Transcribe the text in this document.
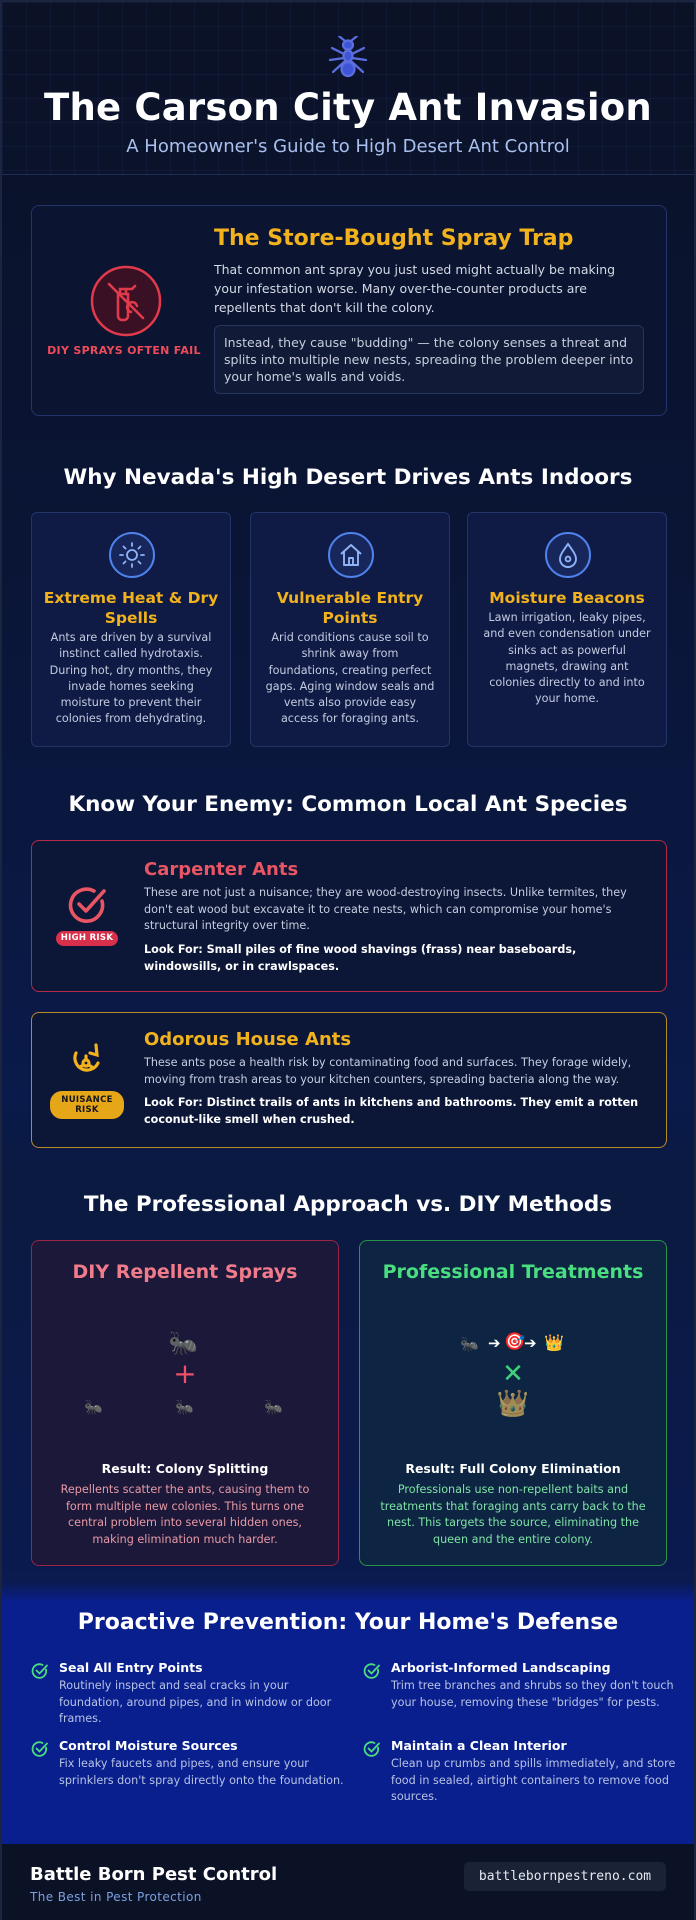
The Carson City Ant Invasion
A Homeowner's Guide to High Desert Ant Control
DIY SPRAYS OFTEN FAIL
The Store-Bought Spray Trap
That common ant spray you just used might actually be making your infestation worse. Many over-the-counter products are repellents that don't kill the colony.
Instead, they cause "budding" — the colony senses a threat and splits into multiple new nests, spreading the problem deeper into your home's walls and voids.
Why Nevada's High Desert Drives Ants Indoors
Extreme Heat & Dry Spells
Ants are driven by a survival instinct called hydrotaxis. During hot, dry months, they invade homes seeking moisture to prevent their colonies from dehydrating.
Vulnerable Entry Points
Arid conditions cause soil to shrink away from foundations, creating perfect gaps. Aging window seals and vents also provide easy access for foraging ants.
Moisture Beacons
Lawn irrigation, leaky pipes, and even condensation under sinks act as powerful magnets, drawing ant colonies directly to and into your home.
Know Your Enemy: Common Local Ant Species
HIGH RISK
Carpenter Ants
These are not just a nuisance; they are wood-destroying insects. Unlike termites, they don't eat wood but excavate it to create nests, which can compromise your home's structural integrity over time.
Look For: Small piles of fine wood shavings (frass) near baseboards, windowsills, or in crawlspaces.
NUISANCE RISK
Odorous House Ants
These ants pose a health risk by contaminating food and surfaces. They forage widely, moving from trash areas to your kitchen counters, spreading bacteria along the way.
Look For: Distinct trails of ants in kitchens and bathrooms. They emit a rotten coconut-like smell when crushed.
The Professional Approach vs. DIY Methods
DIY Repellent Sprays
🐜
+
🐜	🐜	🐜
Result: Colony Splitting
Repellents scatter the ants, causing them to form multiple new colonies. This turns one central problem into several hidden ones, making elimination much harder.
Professional Treatments
🐜 ➔ 🎯
➔ 👑
✕
👑
Result: Full Colony Elimination
Professionals use non-repellent baits and treatments that foraging ants carry back to the nest. This targets the source, eliminating the queen and the entire colony.
Proactive Prevention: Your Home's Defense
Seal All Entry Points
Routinely inspect and seal cracks in your foundation, around pipes, and in window or door frames.
Arborist-Informed Landscaping
Trim tree branches and shrubs so they don't touch your house, removing these "bridges" for pests.
Control Moisture Sources
Fix leaky faucets and pipes, and ensure your sprinklers don't spray directly onto the foundation.
Maintain a Clean Interior
Clean up crumbs and spills immediately, and store food in sealed, airtight containers to remove food sources.
Battle Born Pest Control
The Best in Pest Protection
battlebornpestreno.com
